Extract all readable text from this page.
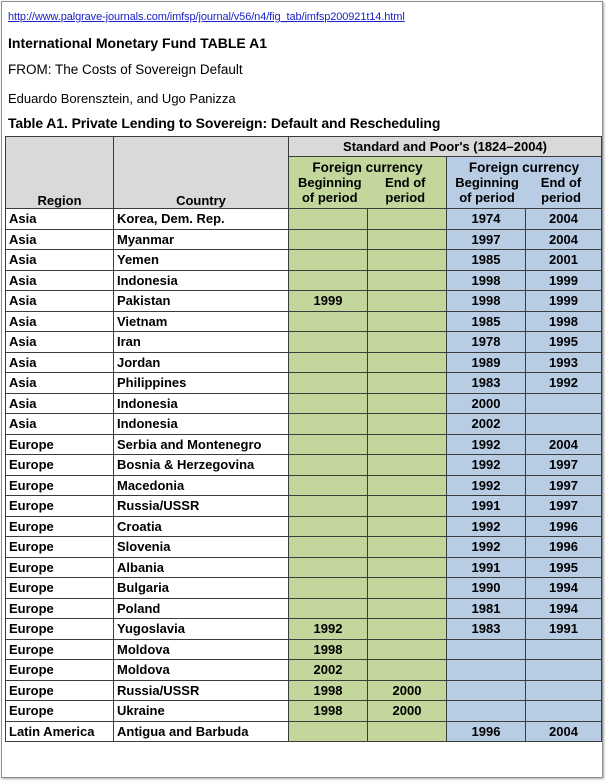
http://www.palgrave-journals.com/imfsp/journal/v56/n4/fig_tab/imfsp200921t14.html
International Monetary Fund TABLE A1
FROM: The Costs of Sovereign Default
Eduardo Borensztein, and Ugo Panizza
Table A1. Private Lending to Sovereign: Default and Rescheduling
Region	Country	Standard and Poor's (1824–2004)			

		Foreign currency
Beginning
of period
End of
period		Foreign currency
Beginning
of period
End of
period	

Asia	Korea, Dem. Rep.			1974	2004
Asia	Myanmar			1997	2004
Asia	Yemen			1985	2001
Asia	Indonesia			1998	1999
Asia	Pakistan	1999		1998	1999
Asia	Vietnam			1985	1998
Asia	Iran			1978	1995
Asia	Jordan			1989	1993
Asia	Philippines			1983	1992
Asia	Indonesia			2000	
Asia	Indonesia			2002	
Europe	Serbia and Montenegro			1992	2004
Europe	Bosnia & Herzegovina			1992	1997
Europe	Macedonia			1992	1997
Europe	Russia/USSR			1991	1997
Europe	Croatia			1992	1996
Europe	Slovenia			1992	1996
Europe	Albania			1991	1995
Europe	Bulgaria			1990	1994
Europe	Poland			1981	1994
Europe	Yugoslavia	1992		1983	1991
Europe	Moldova	1998			
Europe	Moldova	2002			
Europe	Russia/USSR	1998	2000		
Europe	Ukraine	1998	2000		
Latin America	Antigua and Barbuda			1996	2004
